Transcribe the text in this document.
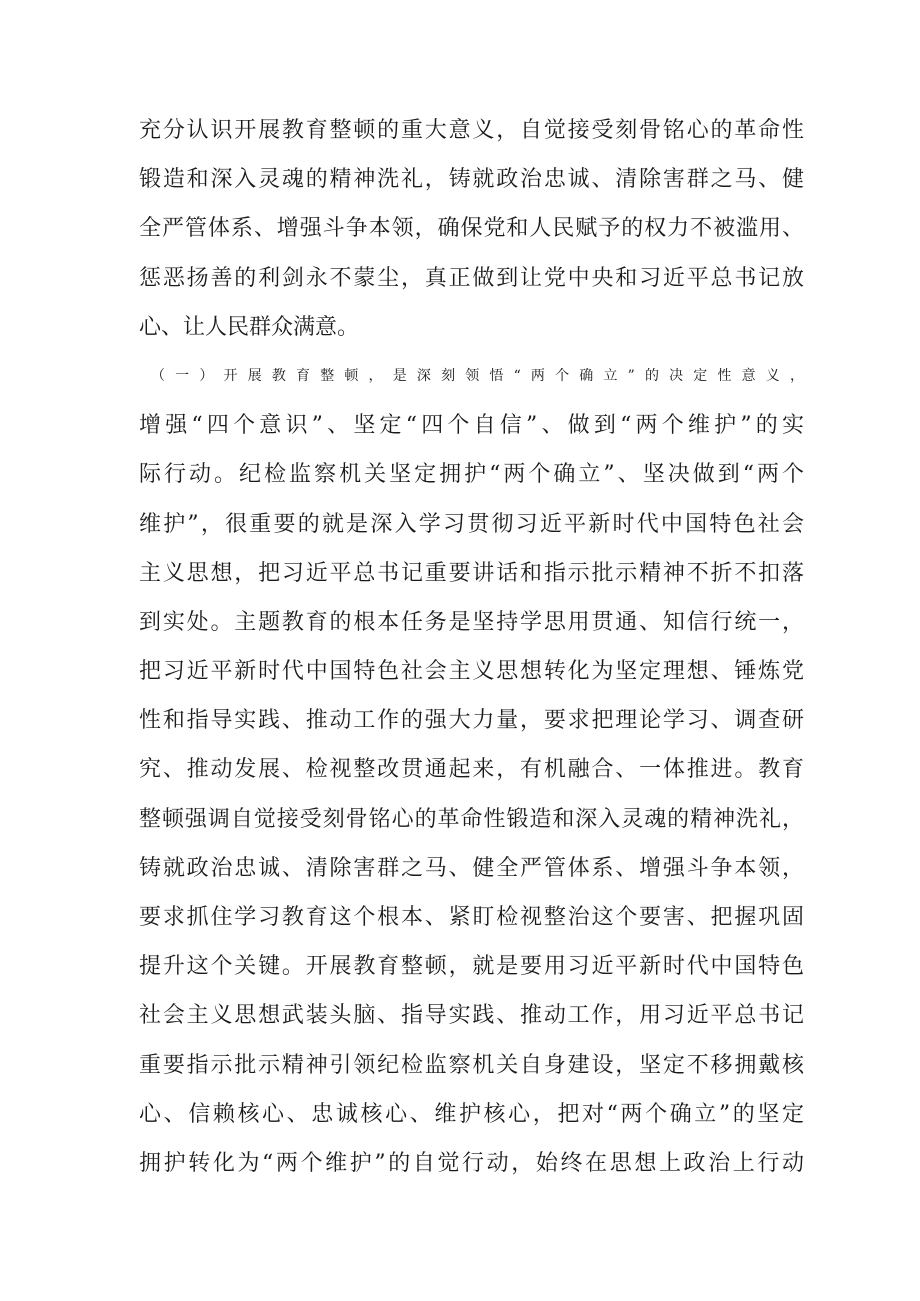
充分认识开展教育整顿的重大意义，自觉接受刻骨铭心的革命性
锻造和深入灵魂的精神洗礼，铸就政治忠诚、清除害群之马、健
全严管体系、增强斗争本领，确保党和人民赋予的权力不被滥用、
惩恶扬善的利剑永不蒙尘，真正做到让党中央和习近平总书记放
心、让人民群众满意。
（一）开展教育整顿，是深刻领悟“两个确立”的决定性意义，
增强“四个意识”、坚定“四个自信”、做到“两个维护”的实
际行动。纪检监察机关坚定拥护“两个确立”、坚决做到“两个
维护”，很重要的就是深入学习贯彻习近平新时代中国特色社会
主义思想，把习近平总书记重要讲话和指示批示精神不折不扣落
到实处。主题教育的根本任务是坚持学思用贯通、知信行统一，
把习近平新时代中国特色社会主义思想转化为坚定理想、锤炼党
性和指导实践、推动工作的强大力量，要求把理论学习、调查研
究、推动发展、检视整改贯通起来，有机融合、一体推进。教育
整顿强调自觉接受刻骨铭心的革命性锻造和深入灵魂的精神洗礼，
铸就政治忠诚、清除害群之马、健全严管体系、增强斗争本领，
要求抓住学习教育这个根本、紧盯检视整治这个要害、把握巩固
提升这个关键。开展教育整顿，就是要用习近平新时代中国特色
社会主义思想武装头脑、指导实践、推动工作，用习近平总书记
重要指示批示精神引领纪检监察机关自身建设，坚定不移拥戴核
心、信赖核心、忠诚核心、维护核心，把对“两个确立”的坚定
拥护转化为“两个维护”的自觉行动，始终在思想上政治上行动
